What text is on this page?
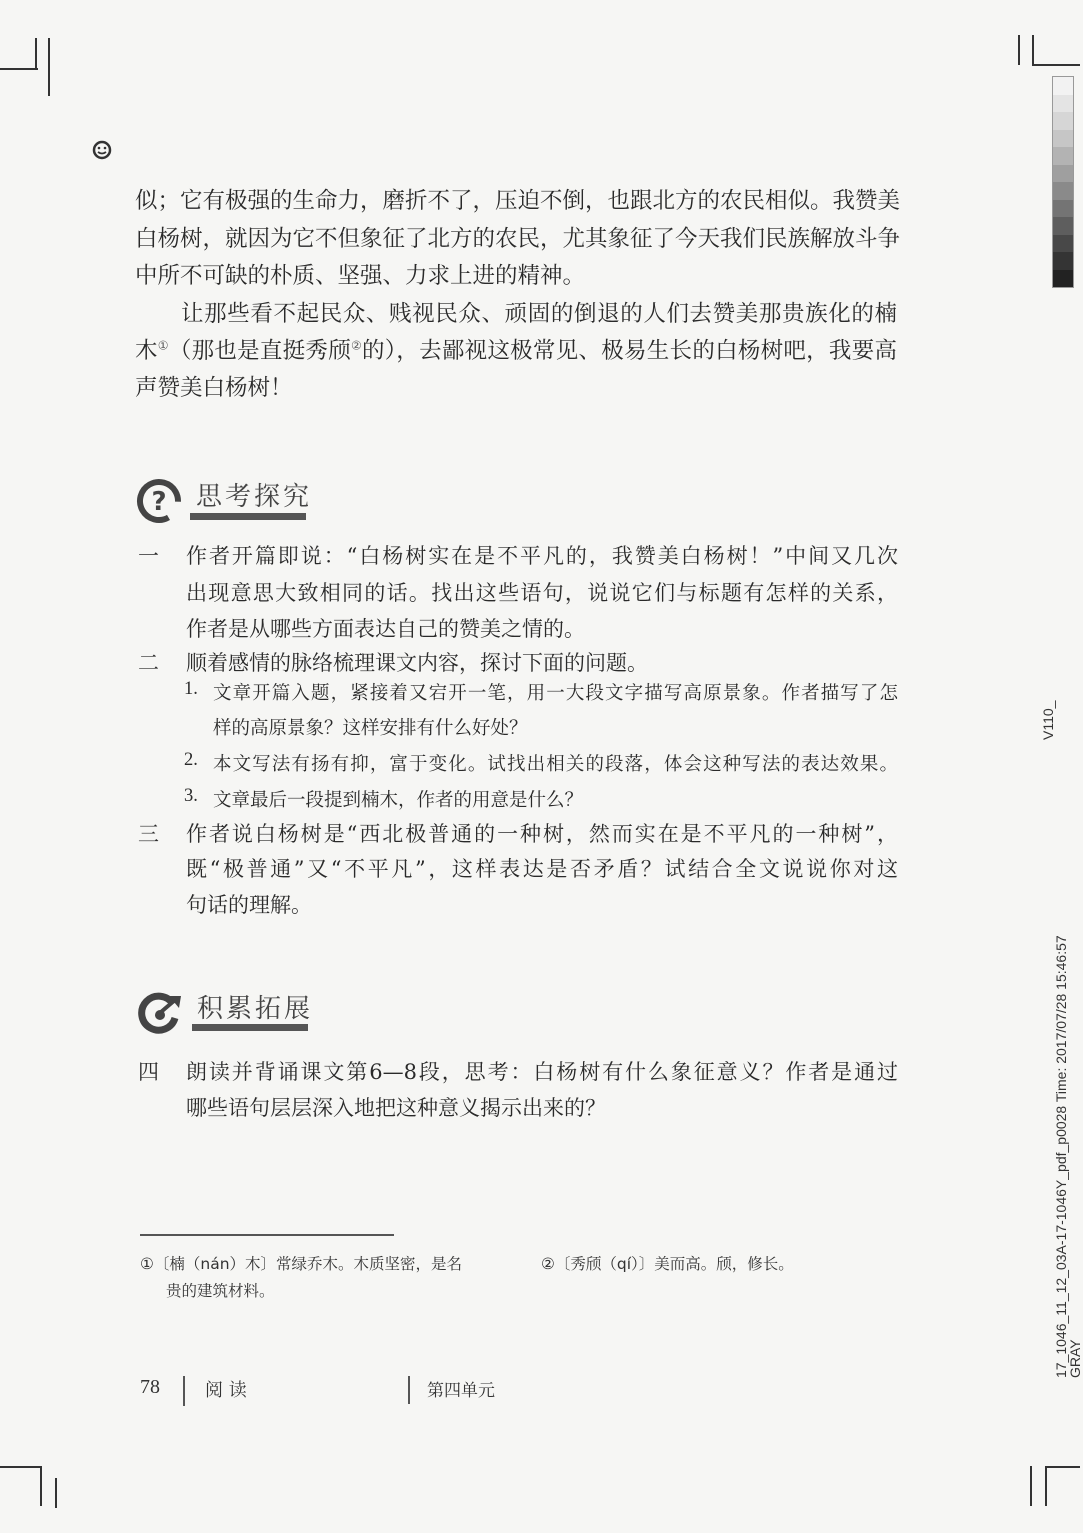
似；它有极强的生命力，磨折不了，压迫不倒，也跟北方的农民相似。我赞美
白杨树，就因为它不但象征了北方的农民，尤其象征了今天我们民族解放斗争
中所不可缺的朴质、坚强、力求上进的精神。
让那些看不起民众、贱视民众、顽固的倒退的人们去赞美那贵族化的楠
木①（那也是直挺秀颀②的），去鄙视这极常见、极易生长的白杨树吧，我要高
声赞美白杨树！
? 思考探究
一 作者开篇即说：“白杨树实在是不平凡的，我赞美白杨树！”中间又几次
出现意思大致相同的话。找出这些语句，说说它们与标题有怎样的关系，
作者是从哪些方面表达自己的赞美之情的。
二 顺着感情的脉络梳理课文内容，探讨下面的问题。
1. 文章开篇入题，紧接着又宕开一笔，用一大段文字描写高原景象。作者描写了怎
样的高原景象？这样安排有什么好处？
2. 本文写法有扬有抑，富于变化。试找出相关的段落，体会这种写法的表达效果。
3. 文章最后一段提到楠木，作者的用意是什么？
三 作者说白杨树是“西北极普通的一种树，然而实在是不平凡的一种树”，
既“极普通”又“不平凡”，这样表达是否矛盾？试结合全文说说你对这
句话的理解。
积累拓展
四 朗读并背诵课文第6—8段，思考：白杨树有什么象征意义？作者是通过
哪些语句层层深入地把这种意义揭示出来的？
①〔楠（nán）木〕常绿乔木。木质坚密，是名
贵的建筑材料。
②〔秀颀（qí）〕美而高。颀，修长。
78	阅 读	第四单元
V110_
17_1046_11_12_03A-17-1046Y_pdf_p0028 Time: 2017/07/28 15:46:57
GRAY
